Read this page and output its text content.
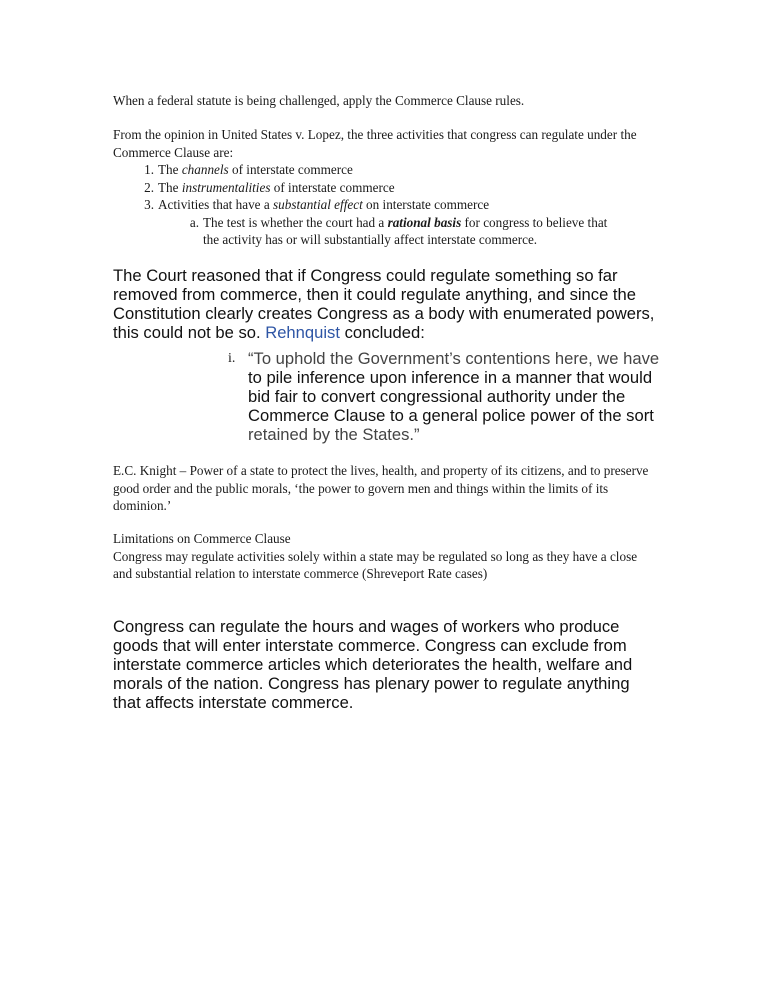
When a federal statute is being challenged, apply the Commerce Clause rules.

From the opinion in United States v. Lopez, the three activities that congress can regulate under the Commerce Clause are:

1. The channels of interstate commerce
2. The instrumentalities of interstate commerce
3. Activities that have a substantial effect on interstate commerce
a. The test is whether the court had a rational basis for congress to believe that the activity has or will substantially affect interstate commerce.

The Court reasoned that if Congress could regulate something so far removed from commerce, then it could regulate anything, and since the Constitution clearly creates Congress as a body with enumerated powers, this could not be so. Rehnquist concluded:

i. “To uphold the Government’s contentions here, we have

to pile inference upon inference in a manner that would bid fair to convert congressional authority under the Commerce Clause to a general police power of the sort

retained by the States.”

E.C. Knight – Power of a state to protect the lives, health, and property of its citizens, and to preserve good order and the public morals, ‘the power to govern men and things within the limits of its dominion.’

Limitations on Commerce Clause

Congress may regulate activities solely within a state may be regulated so long as they have a close and substantial relation to interstate commerce (Shreveport Rate cases)

Congress can regulate the hours and wages of workers who produce goods that will enter interstate commerce. Congress can exclude from interstate commerce articles which deteriorates the health, welfare and morals of the nation. Congress has plenary power to regulate anything that affects interstate commerce.
